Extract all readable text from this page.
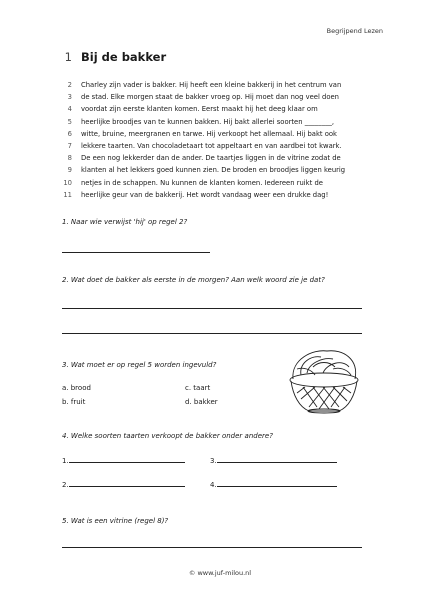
Begrijpend Lezen
1 Bij de bakker
2 Charley zijn vader is bakker. Hij heeft een kleine bakkerij in het centrum van
3 de stad. Elke morgen staat de bakker vroeg op. Hij moet dan nog veel doen
4 voordat zijn eerste klanten komen. Eerst maakt hij het deeg klaar om
5 heerlijke broodjes van te kunnen bakken. Hij bakt allerlei soorten ________,
6 witte, bruine, meergranen en tarwe. Hij verkoopt het allemaal. Hij bakt ook
7 lekkere taarten. Van chocoladetaart tot appeltaart en van aardbei tot kwark.
8 De een nog lekkerder dan de ander. De taartjes liggen in de vitrine zodat de
9 klanten al het lekkers goed kunnen zien. De broden en broodjes liggen keurig
10 netjes in de schappen. Nu kunnen de klanten komen. Iedereen ruikt de
11 heerlijke geur van de bakkerij. Het wordt vandaag weer een drukke dag!
1. Naar wie verwijst 'hij' op regel 2?
2. Wat doet de bakker als eerste in de morgen? Aan welk woord zie je dat?
3. Wat moet er op regel 5 worden ingevuld?
a. brood	c. taart
b. fruit	d. bakker
4. Welke soorten taarten verkoopt de bakker onder andere?
1.	3.
2.	4.
5. Wat is een vitrine (regel 8)?
© www.juf-milou.nl
